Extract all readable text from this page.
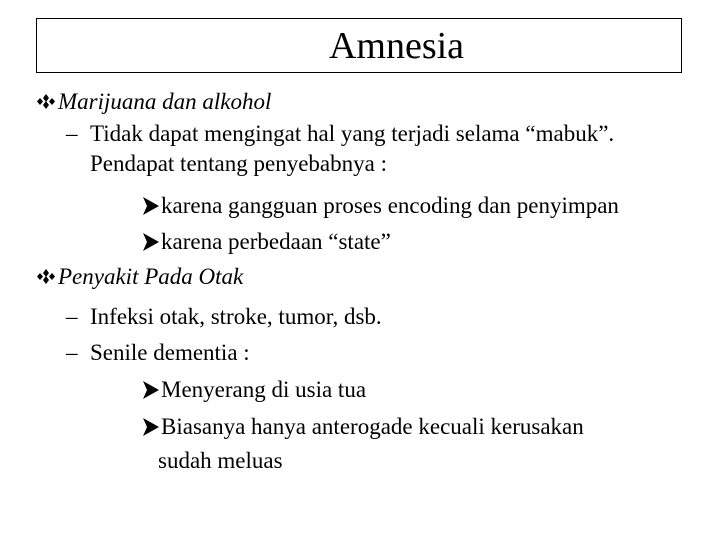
Amnesia
Marijuana dan alkohol
– Tidak dapat mengingat hal yang terjadi selama “mabuk”.
Pendapat tentang penyebabnya :
karena gangguan proses encoding dan penyimpan
karena perbedaan “state”
Penyakit Pada Otak
– Infeksi otak, stroke, tumor, dsb.
– Senile dementia :
Menyerang di usia tua
Biasanya hanya anterogade kecuali kerusakan
sudah meluas
